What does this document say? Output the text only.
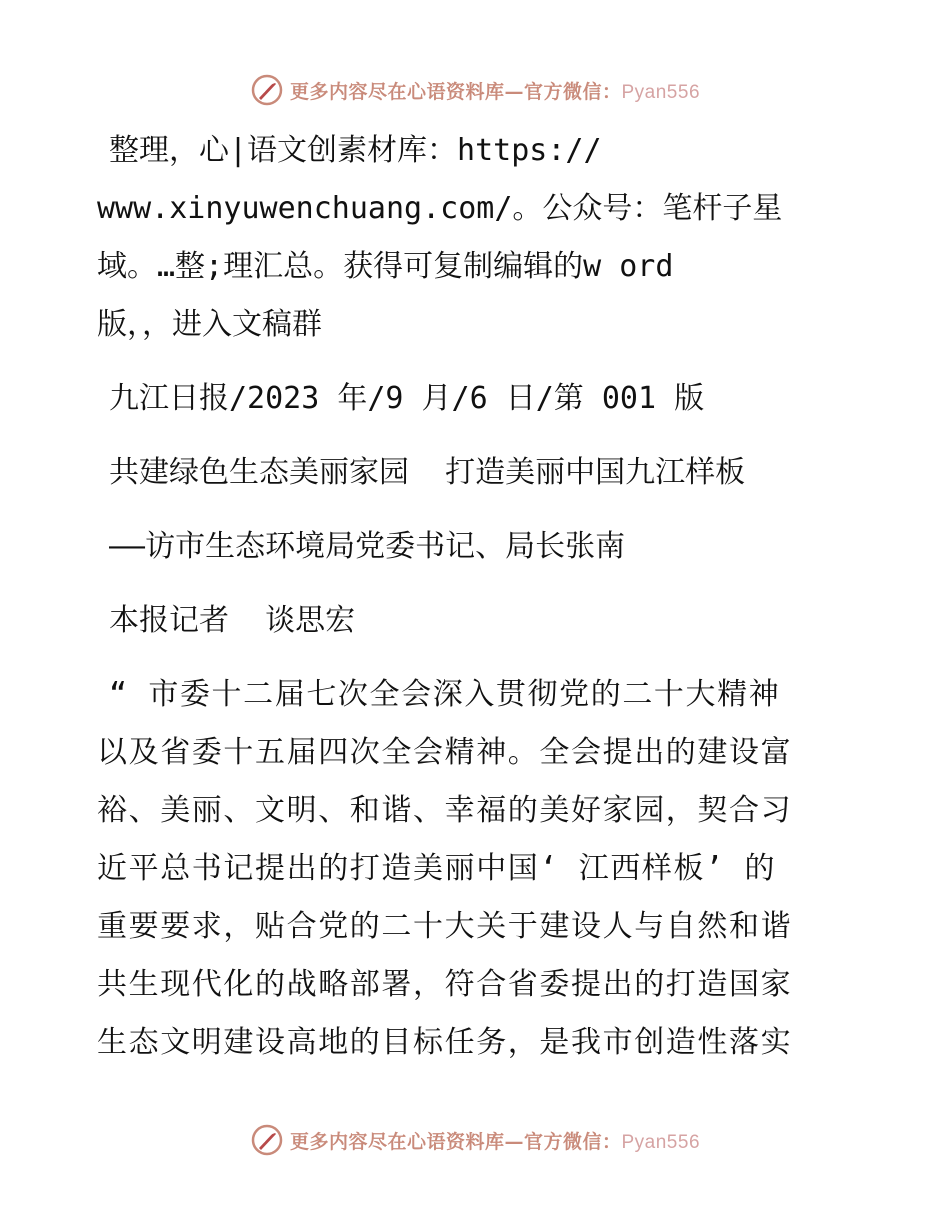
更多内容尽在心语资料库—官方微信：Pyan556
整理，心|语文创素材库：https://
www.xinyuwenchuang.com/。公众号：笔杆子星
域。…整;理汇总。获得可复制编辑的w ord
版，，进入文稿群
九江日报/2023 年/9 月/6 日/第 001 版
共建绿色生态美丽家园  打造美丽中国九江样板
——访市生态环境局党委书记、局长张南
本报记者  谈思宏
“ 市委十二届七次全会深入贯彻党的二十大精神
以及省委十五届四次全会精神。全会提出的建设富
裕、美丽、文明、和谐、幸福的美好家园，契合习
近平总书记提出的打造美丽中国‘ 江西样板’ 的
重要要求，贴合党的二十大关于建设人与自然和谐
共生现代化的战略部署，符合省委提出的打造国家
生态文明建设高地的目标任务，是我市创造性落实
更多内容尽在心语资料库—官方微信：Pyan556
